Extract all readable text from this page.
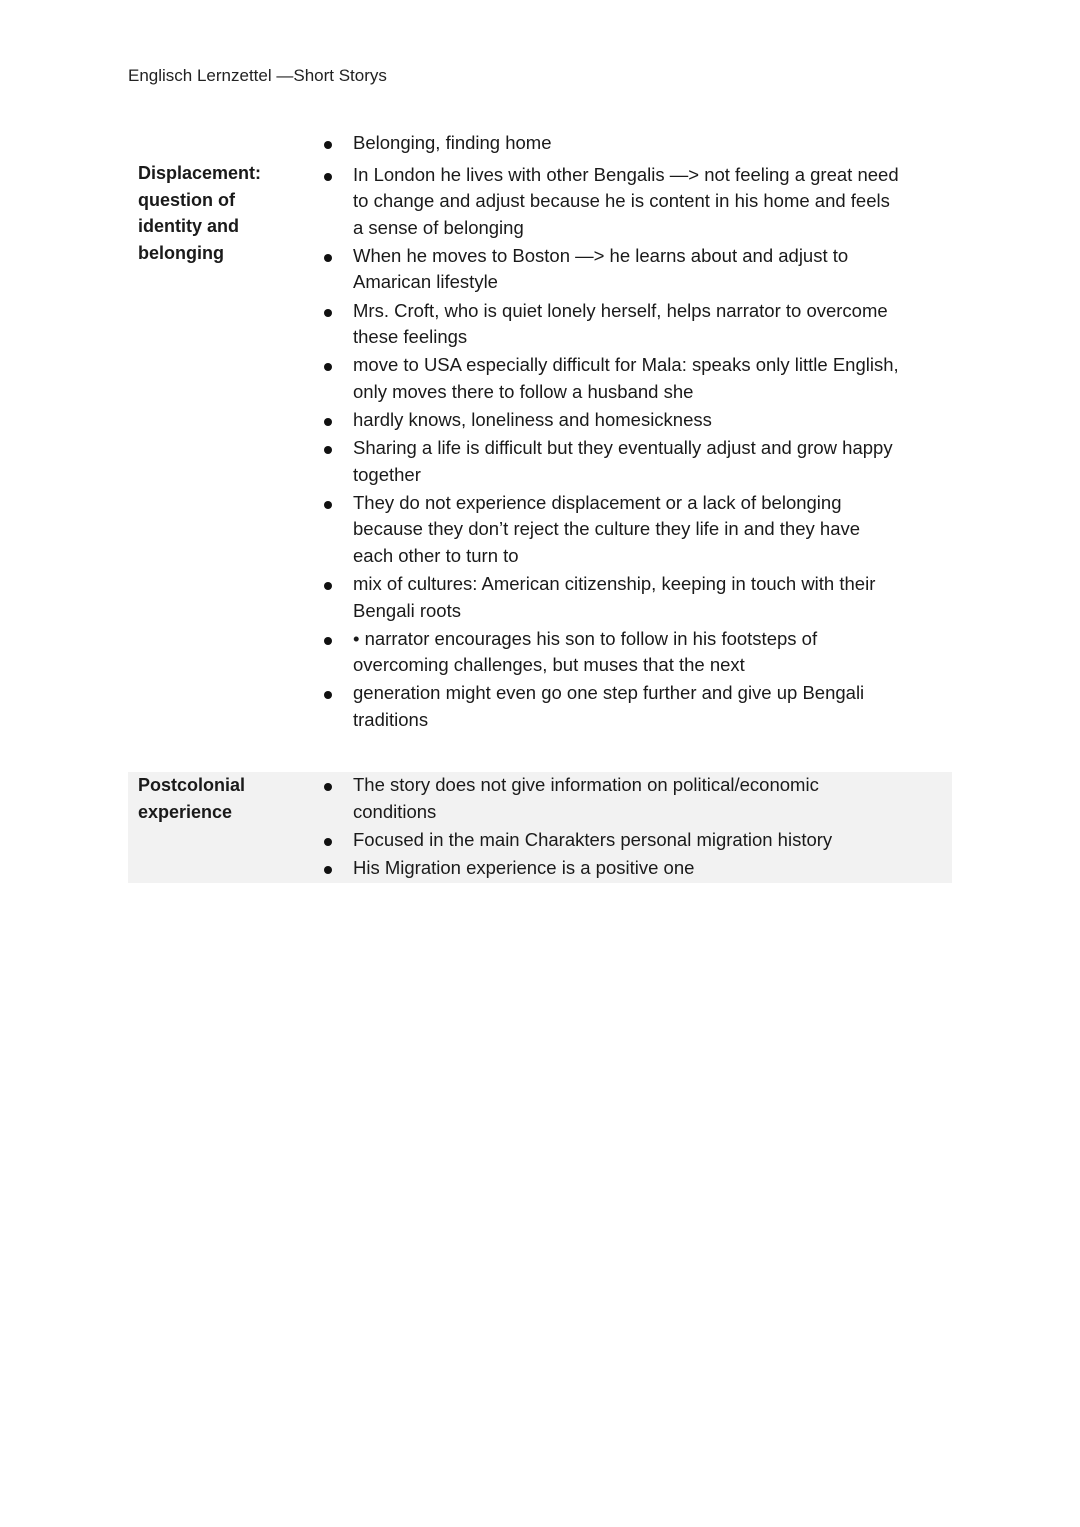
Englisch Lernzettel —Short Storys
Displacement:
question of
identity and
belonging
Belonging, finding home
In London he lives with other Bengalis —> not feeling a great need to change and adjust because he is content in his home and feels a sense of belonging
When he moves to Boston —> he learns about and adjust to Amarican lifestyle
Mrs. Croft, who is quiet lonely herself, helps narrator to overcome these feelings
move to USA especially difficult for Mala: speaks only little English, only moves there to follow a husband she
hardly knows, loneliness and homesickness
Sharing a life is difficult but they eventually adjust and grow happy together
They do not experience displacement or a lack of belonging because they don’t reject the culture they life in and they have each other to turn to
mix of cultures: American citizenship, keeping in touch with their Bengali roots
• narrator encourages his son to follow in his footsteps of overcoming challenges, but muses that the next
generation might even go one step further and give up Bengali traditions
Postcolonial
experience
The story does not give information on political/economic conditions
Focused in the main Charakters personal migration history
His Migration experience is a positive one
